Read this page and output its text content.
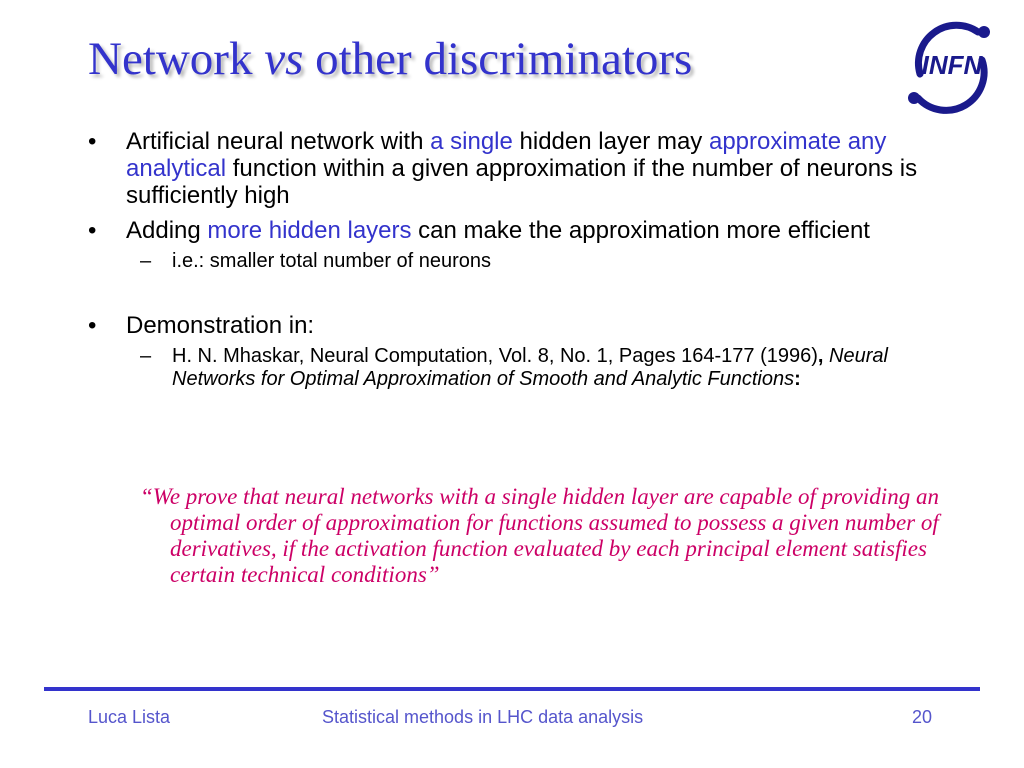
Network vs other discriminators	INFN
• Artificial neural network with a single hidden layer may approximate any analytical function within a given approximation if the number of neurons is sufficiently high
• Adding more hidden layers can make the approximation more efficient
– i.e.: smaller total number of neurons
• Demonstration in:
– H. N. Mhaskar, Neural Computation, Vol. 8, No. 1, Pages 164-177 (1996), Neural Networks for Optimal Approximation of Smooth and Analytic Functions:
“We prove that neural networks with a single hidden layer are capable of providing an optimal order of approximation for functions assumed to possess a given number of derivatives, if the activation function evaluated by each principal element satisfies certain technical conditions”
Luca Lista	Statistical methods in LHC data analysis	20
